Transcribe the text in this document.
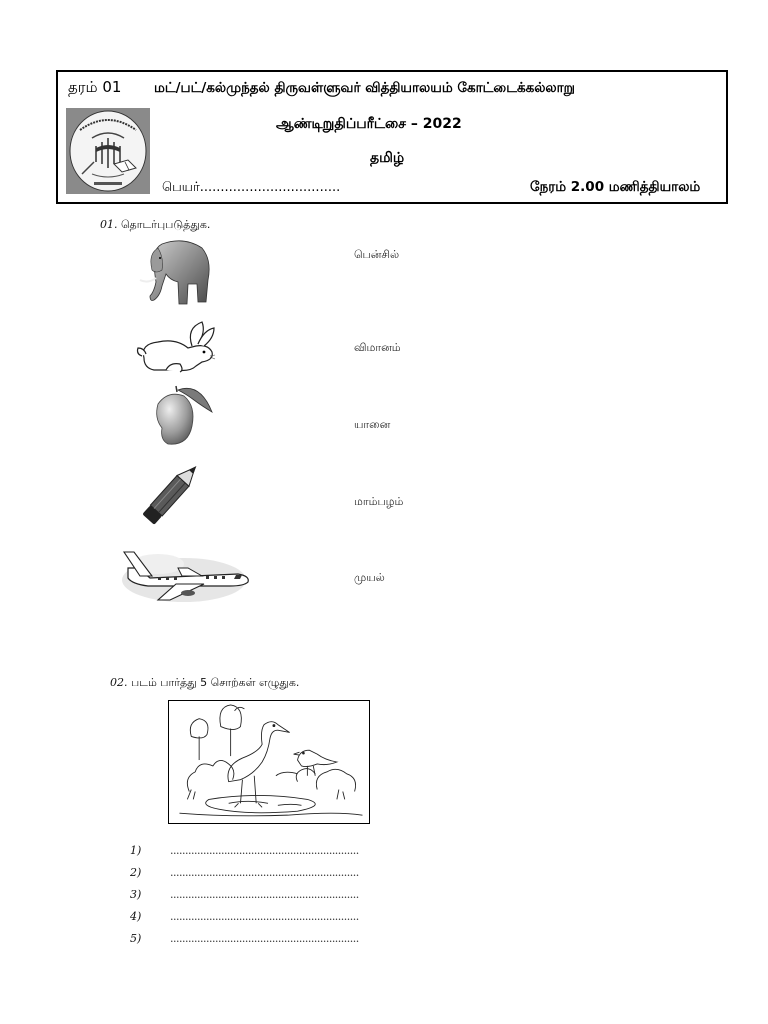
தரம் 01 மட்/பட்/கல்முந்தல் திருவள்ளுவர் வித்தியாலயம் கோட்டைக்கல்லாறு
ஆண்டிறுதிப்பரீட்சை – 2022
தமிழ்
பெயர்..................................	நேரம் 2.00 மணித்தியாலம்
01. தொடர்புபடுத்துக.
பென்சில்
விமானம்
யானை
மாம்பழம்
முயல்
02. படம் பார்த்து 5 சொற்கள் எழுதுக.
1)	...............................................................
2)	...............................................................
3)	...............................................................
4)	...............................................................
5)	...............................................................
